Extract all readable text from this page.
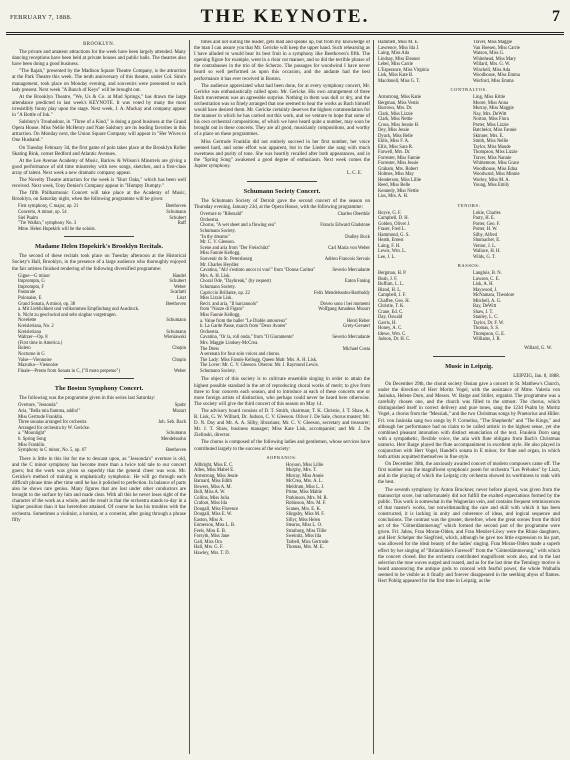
FEBRUARY 7, 1888.	THE KEYNOTE.	7
BROOKLYN.

The private and amateur attractions for the week have been largely attended. Many dancing receptions have been held at private houses and public halls. The theatres also have been doing a good business.

"The Rajah," presented by the Madison Square Theatre Company, is the attraction at the Park Theatre this week. The tenth anniversary of this theatre, under Col. Sinn's management, took place on Monday evening, and souvenirs were presented to each lady present. Next week "A Bunch of Keys" will be brought out.

At the Brooklyn Theatre, "We, Us & Co. at Mud Springs," has drawn the large attendance predicted in last week's KEYNOTE. It was voted by many the most irresistibly funny play upon the stage. Next week, J. A. Mackay and company appear in "A Bottle of Ink."

Salsbury's Troubadour, in "Three of a Kind," is doing a good business at the Grand Opera House. Miss Nellie McHenry and Nate Salsbury are its leading favorites in this attraction. On Monday next, the Union Square Company will appear in "Her Wives to One Husband."

On Tuesday February 3d, the first game of polo takes place at the Brooklyn Roller Skating Rink, corner Bedford and Atlantic Avenues.

At the Lee Avenue Academy of Music, Barlow & Wilson's Minstrels are giving a good performance of old time minstrelsy with new songs, sketches, and a first-class array of talent. Next week a new dramatic company appear.

The Novelty Theatre attraction for the week is "Burr Oaks," which has been well received. Next week, Tony Denier's Company appear in "Humpty Dumpty."

The fifth Philharmonic Concert will take place at the Academy of Music, Brooklyn, on Saturday night, when the following programme will be given:

First symphony, C major, op. 21	Beethoven
Concerto, A minor, op. 54	Schumann
Siel Psalm	Schubert
"Tre Walkin," symphony No. 3	Raff
Mme. Helen Hopekirk will be the soloist.
Madame Helen Hopekirk's Brooklyn Recitals.

The second of these recitals took place on Tuesday afternoon at the Historical Society's Hall, Brooklyn, in the presence of a large audience who thoroughly enjoyed the fair artistes finished rendering of the following diversified programme:

Gigue—G minor	Handel
Impromptu, G	Schubert
Impromptu, F	Weber
Pastorale	Scarlatti
Polonaise, E	Liszt
Grand Sonata, A minor, op. 38	Beethoven
a. Mit Lieblichkeit und vollkommen Empfindung und Ausdruck.
b. Nicht zu geschwind und sehr singbar vorgetragen.
Novelette	Schumann
Kreisleriana, No. 2
Kreisleriana	Schumann
Waltzer—Op. 8	Wieniawski
(First time in America.)
Bolero	Chopin
Nocturne in G
Valse—Viennoise	Chopin
Mazurka—Viennoise
Finale—Presto from Sonata in C, ("Il moto perpetuo")	Weber
The Boston Symphony Concert.

The following was the programme given in this series last Saturday:

Overture, "Jessonda"	Spohr
Aria, "Bella mia fiamma, addio!"	Mozart
Miss Gertrude Franklin.
Three sonatas arranged for orchestra	Joh. Seb. Bach
Arranged for orchestra by W. Gericke.
a. "Moonlight"	Schumann
b. Spring Song	Mendelssohn
Miss Franklin.
Symphony in C minor, No. 5, op. 67	Beethoven

There is little in this list for me to descant upon, as "Jessonda's" overture is old, and the C minor symphony has become more than a twice told tale to our concert goers; but the work was given so superbly that the general cheer was won. Mr. Gericke's method of training is emphatically symphonic. He will go through each difficult phrase time after time until he has it polished to perfection. In balance of parts also he shows rare genius. Many figures that are lost under other conductors are brought to the surface by him and made clear. With all this he never loses sight of the character of the work as a whole, and the result is that the orchestra stands to-day in a higher position than it has heretofore attained. Of course he has his troubles with the orchestra. Sometimes a violinist, a hornist, or a cornetist, after going through a phrase fifty

times and not suiting the leader, gets mad and speaks up, but from my knowledge of the man I can assure you that Mr. Gericke will keep the upper hand. Such rehearsing as I have alluded to would bear its best fruit in a symphony like Beethoven's fifth. The opening figure for example, went in a clear cut manner, and so did the terrible phrase of the contrabasses in the trio of the Scherzo. The passages for woodwind I have never heard so well performed as upon this occasion, and the andante had the best performance it has ever received in Boston.

The audience appreciated what had been done, for at every symphony concert, Mr. Gericke was enthusiastically called upon. Mr. Gericke. His own arrangement of three Bach movements was an agreeable surprise. Nothing in them was dull or dry, and the orchestration was so finely arranged that one seemed to hear the works as Bach himself would have desired them. Mr. Gericke certainly deserves the highest commendation for the manner in which he has carried out this work, and we venture to hope that some of his own orchestral compositions, of which we have heard quite a number, may soon be brought out in these concerts. They are all good, musicianly compositions, and worthy of a place on these programmes.

Miss Gertrude Franklin did not entirely succeed in her first number, her voice seemed hard, and some effort was apparent, but in the Lieder she sang with much sweetness and purity of tone. She was heartily recalled after both appearances, and in the "Spring Song" awakened a good degree of enthusiasm. Next week comes the Jupiter symphony.

L. C. E.
Schumann Society Concert.

The Schumann Society of Detroit gave the second concert of the season on Thursday evening, January 23d, at the Opera House, with the following programme:

Overture to "Ribezahl"	Charles Oberthür
Orchestra.
Chorus, "A wet sheet and a flowing sea"	Francis Edward Gladstone
Schumann Society.
"In thy dreams"	Dudley Buck
Mr. C. V. Gleeson.
Scene and aria from "Der Freischütz"	Carl Maria von Weber
Miss Fannie Kellogg.
Souvenir de St. Petersbourg	Adrien Francois Servais
Mr. Charles Heydler.
Cavatina, "Ah! s'estinto ancor ni vuo!" from "Donna Caritea"	Severio Mercadante
Mrs. A. H. Lisk.
Choral Ode, "Daybreak," (by request)	Eaton Faning
Schumann Society.
Capriccio Brillante, op. 22	Felix Mendelssohn-Bartholdy
Miss Lizzie Lisk.
Recit. and aria, "Il barcanuolo"	Doveo sono i bei momenti
from "Nozze di Figaro"	Wolfgang Amadeus Mozart
Miss Fannie Kellogg.
a. Value from the ballet "Le Diable amoureux"	Henri Reber
b. La Garde Passe, march from "Deux Avares"	Grety-Gevaert
Orchestra.
Cavatina, "Or la, roll onda," from "Il Giuramento"	Severio Mercadante
Mrs. Maggie Lindsey-McCrea.
The Dress	Michael Costa
A serenata for four solo voices and chorus.
The Lady: Miss Fannie Kellogg. Queen Mab: Mrs. A. H. Lisk.
The Lover: Mr. C. V. Gleeson. Oberon: Mr. J. Raymond Lewis.
Schumann Society.

The object of this society is to cultivate ensemble singing in order to attain the highest possible standard in the art of reproducing choral works of merit; to give from three to four concerts each season, and to introduce at each of these concerts one or more foreign artists of distinction, who perhaps could never be heard here otherwise. The society will give the third concert of this season on May 14.

The advisory board consists of D. T. Smith, chairman; T. K. Christie, J. T. Shaw, A. B. Lisk, G. W. Willard, Dr. Judson, C. V. Gleeson. Oliver J. De Sale, chorus master; Mr. D. N. Day and Mr. A. A. Silby, librarians; Mr. C. V. Gleeson, secretary and treasurer; Mr. J. T. Shaw, business manager; Miss Kate Lisk, accompanist; and Mr. J. De Zielinski, director.

The chorus is composed of the following ladies and gentlemen, whose services have contributed largely to the success of the society:

SOPRANOS:
Allbright, Miss E. C.	Hoyson, Miss Lillie
Allen, Miss Mabel E.	Murphy, Mrs. T.
Armstrong, Miss Jessie	Murray, Miss Annie
Barnard, Miss Edith	McCrea, Mrs. A. L.
Bowers, Miss A. M.	Meldrum, Miss L. J.
Bull, Miss A. W.	Prime, Miss Maltie
Collins, Miss Julia	Parkinson, Mrs. M. R.
Crafoot, Miss Ida	Robinson, Mrs. M. F.
Dougall, Miss Florence	Scanes, Mrs. E. K.
Dougall, Miss E. W.	Slingsby, Miss M. F.
Easton, Miss A.	Sillyr, Miss Helen
Eumerson, Miss L. B.	Stearns, Miss L. O.
Feels, Miss E. B.	Strasburg, Miss Tillie
Forsyth, Miss Jane	Sweinitz, Miss Ida
Gall, Miss Ora	Tarbell, Miss Gertrude
Hall, Mrs. G. F.	Thomas, Mrs. M. E.
Hawley, Mrs. T. D.
Hammell, Miss M. E.	Traver, Miss Maggie
Lawrence, Miss Ida J.	Van Hoesen, Miss Carrie
Laing, Miss Ada	Watson, Miss G.
Lindsay, Miss Eleanor	Whitehead, Miss Mary
Lebel, Miss Carrie	Willard, Mrs. G. W.
L'Esperance, Miss Virginia	Winchell, Miss Ada
Lisk, Miss Kate B.	Woodhouse, Miss Emma
Macdonell, Miss G. T.	Worford, Miss Emma
CONTRALTOS.
Armstrong, Miss Katie	Ling, Miss Kittie
Bergman, Miss Vestis	Moore, Miss Anna
Burrows, Mrs. Dr.	Murray, Miss Maggie
Clark, Miss Lizzie	Nay, Mrs. DeWitt
Clark, Miss Nettie	Norton, Miss Flora
Cross, Miss Jennie H.	Porter, Miss Lizzie
Dey, Miss Jessie	Batchelor, Miss Fannie
Dyack, Miss Belle	Skinner, Mrs. E.
Ehlis, Miss F. A.	Smith, Miss Nellie
Ellis, Miss Sara R.	Taylor, Miss Maude
Farwell, Mrs. Dr.	Thompson, Miss Lizzie
Forrester, Miss Fannie	Traver, Miss Nannie
Forrester, Miss Jessie	Whittemore, Miss Grace
Graham, Mrs. Robert	Woodhouse, Miss Edna
Holmes, Miss May	Woodward, Miss Minnie
Henderson, Miss Lillie	Worley, Miss M. A.
Reed, Miss Belle	Young, Miss Emily
Kennedy, Miss Nettie
Liss, Mrs. A. H.
TENORS:
Boyce, G. F.	Lokie, Charles
Campbell, D. H.	Parry, H. E.
Golden, Oliver J.	Porter, Geo. F.
Fraser, Fred L.	Porter, H. W.
Hammond, G. S.	Silby, Alfred
Heath, Ernest	Shumacher, E.
Laing, F. H.	Vernor, J. L.
Lewis, Wm. L.	Wallace, H. H.
Lee, J. L.	Wilds, G. T.
BASSOS:
Bergman, H. P.	Langlois, B. N.
Bush, J. F.	Lawson, C. E.
Buffum, L. L.	Lisk, A. H.
Bland, H. L.	Maywood, J.
Campbell, J. F.	McNamara, Theodore
Chaffee, Geo. H.	Mitchell, A. G.
Christie, T. K.	Ray, DeWitt
Crane, Ed. C.	Shaw, J. T.
Day, Oswald	Stanley, L. C.
Garris, H.	Taylor, Dr. F. W.
Honey, A. C.	Thomas, S. S.
Idewe, Wm. C.	Thompson, G. E.
Judson, Dr. H. C.	Williams, J. R.
Willard, G. W.
Music in Leipzig.
LEIPZIG, Jan. 8, 1888.

On December 29th, the choral society Ossian gave a concert in St. Matthew's Church, under the direction of Herr Moritz Vogel, with the assistance of Mme. Valeria von Jasinska, Helene Dorn, and Messrs. W. Barge and Stiller, organist. The programme was a carefully chosen one, and the church was filled to the utmost. The chorus, which distinguished itself in correct delivery and pure tones, sang the 123d Psalm by Moritz Vogel, a chorus from the "Messiah," and the two Christmas songs by Praetorius and Hiller. Frl. von Jasinska sang two songs by P. Cornelius, "The Shepherds" and "The Kings," and although her performance had no claim to be called artistic in the highest sense, yet she combined pleasant intonation with distinct enunciation of the text. Fraulein Dorn sang with a sympathetic, flexible voice, the aria with flute obligato from Bach's Christmas oratorio. Herr Barge played the flute accompaniment in excellent style. He also played in conjunction with Herr Vogel, Handel's sonata in E minor, for flute and organ, in which both artists acquitted themselves in fine style.

On December 30th, the anxiously awaited concert of modern composers came off. The first number was the magnificent symphonic poem for orchestra "Les Préludes" by Liszt, and in the playing of which the Leipzig city orchestra showed its worthiness to rank with the best.

The seventh symphony by Anton Bruckner, never before played, was given from the manuscript score, but unfortunately did not fulfill the exalted expectations formed by the public. This work is somewhat in the Wagnerian vein, and contains frequent reminiscences of that master's works, but notwithstanding the care and skill with which it has been constructed, it is lacking in unity and coherence of ideas, and logical sequence and conclusions. The contrast was the greater, therefore, when the great scenes from the third act of the "Götterdämmerung" which formed the second part of the programme were given. Frl. Jahns, Frau Moran-Olden, and Frau Metzler-Löwy were the Rhine daughters, and Herr Schelper the Siegfried, which, although he gave too little expression to his part, was allowed for the ideal beauty of the ladies' singing. Frau Moran-Olden made a superb effect by her singing of "Brünnhilde's Farewell" from the "Götterdämmerung," with which the concert closed. But the orchestra contributed magnificent work also, and in the last selection the tone waves surged and roared, and as for the last time the Tetralogy motive is heard announcing the antique gods to conceal with fearful power, the whole Walhalla seemed to be visible as it finally and forever disappeared in the seething abyss of flames. Herr Pohlig appeared for the first time in Leipzig, as the
